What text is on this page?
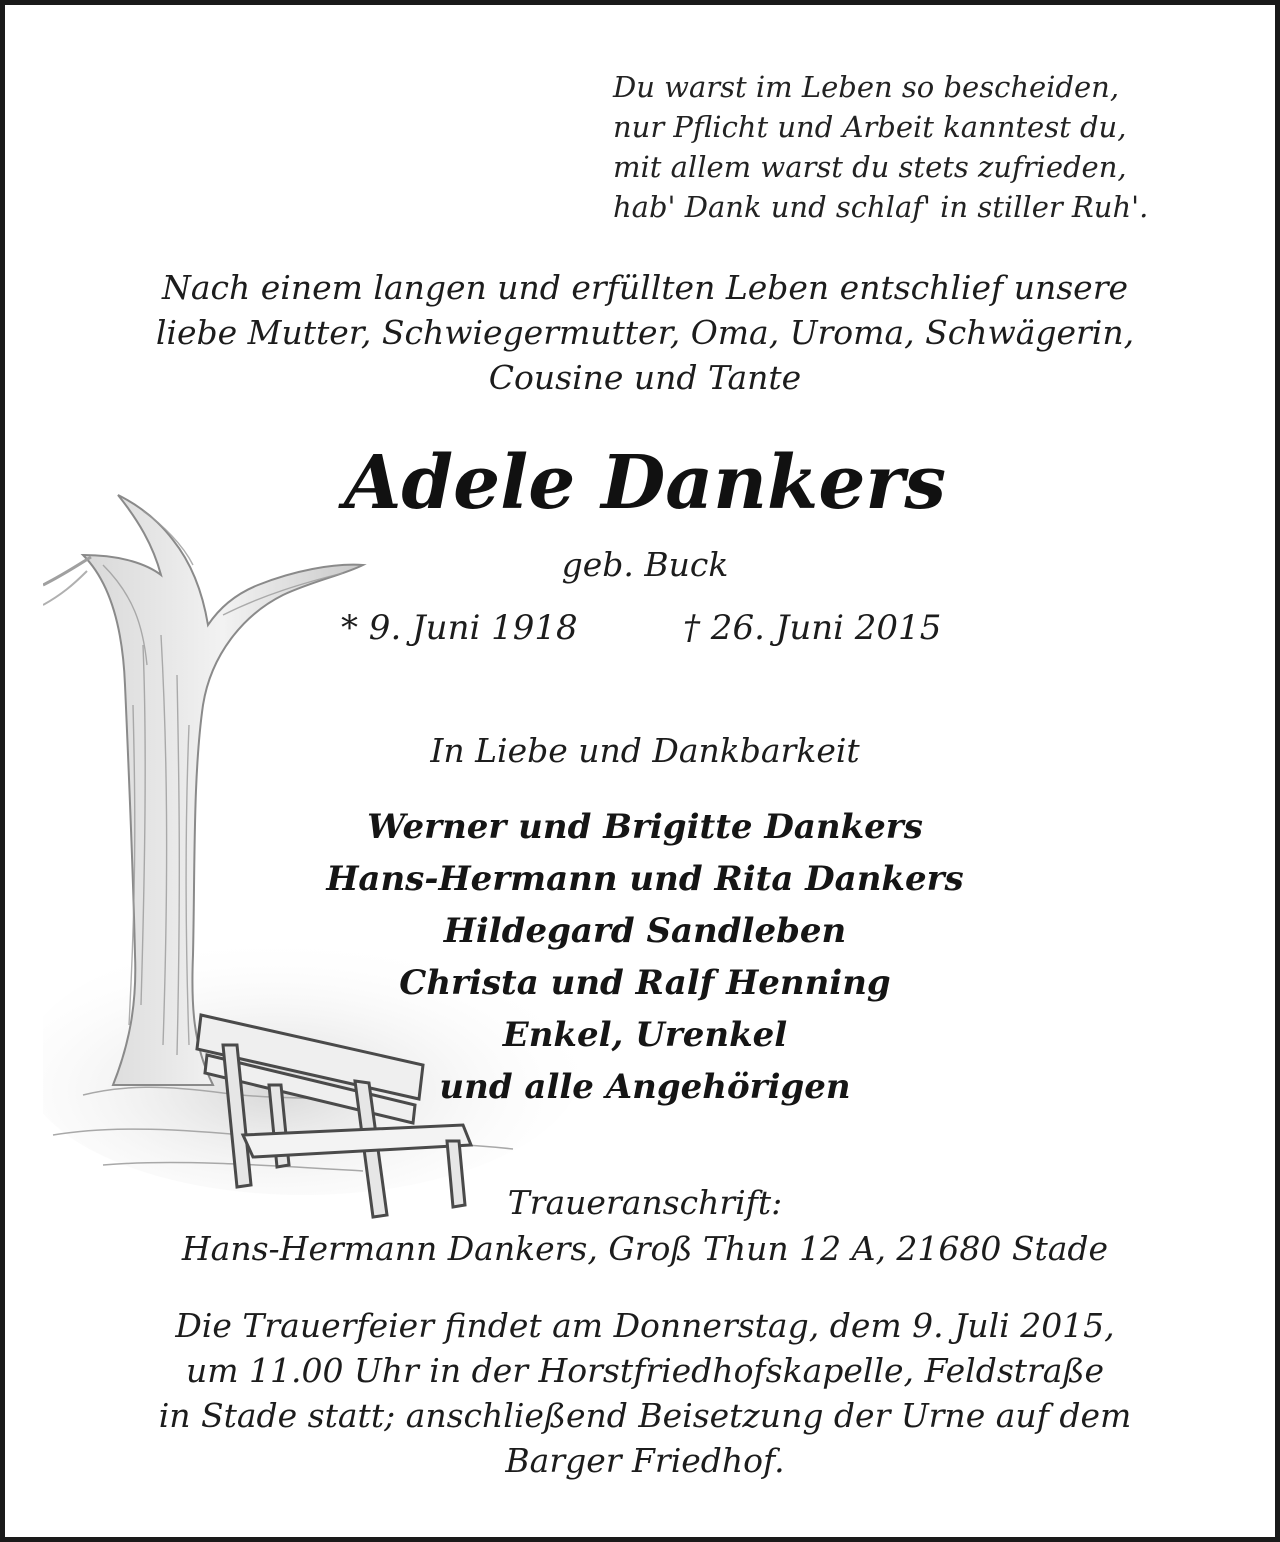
Du warst im Leben so bescheiden,
nur Pflicht und Arbeit kanntest du,
mit allem warst du stets zufrieden,
hab' Dank und schlaf' in stiller Ruh'.
Nach einem langen und erfüllten Leben entschlief unsere
liebe Mutter, Schwiegermutter, Oma, Uroma, Schwägerin,
Cousine und Tante
Adele Dankers
geb. Buck
* 9. Juni 1918	† 26. Juni 2015
In Liebe und Dankbarkeit
Werner und Brigitte Dankers
Hans-Hermann und Rita Dankers
Hildegard Sandleben
Christa und Ralf Henning
Enkel, Urenkel
und alle Angehörigen
Traueranschrift:
Hans-Hermann Dankers, Groß Thun 12 A, 21680 Stade
Die Trauerfeier findet am Donnerstag, dem 9. Juli 2015,
um 11.00 Uhr in der Horstfriedhofskapelle, Feldstraße
in Stade statt; anschließend Beisetzung der Urne auf dem
Barger Friedhof.
